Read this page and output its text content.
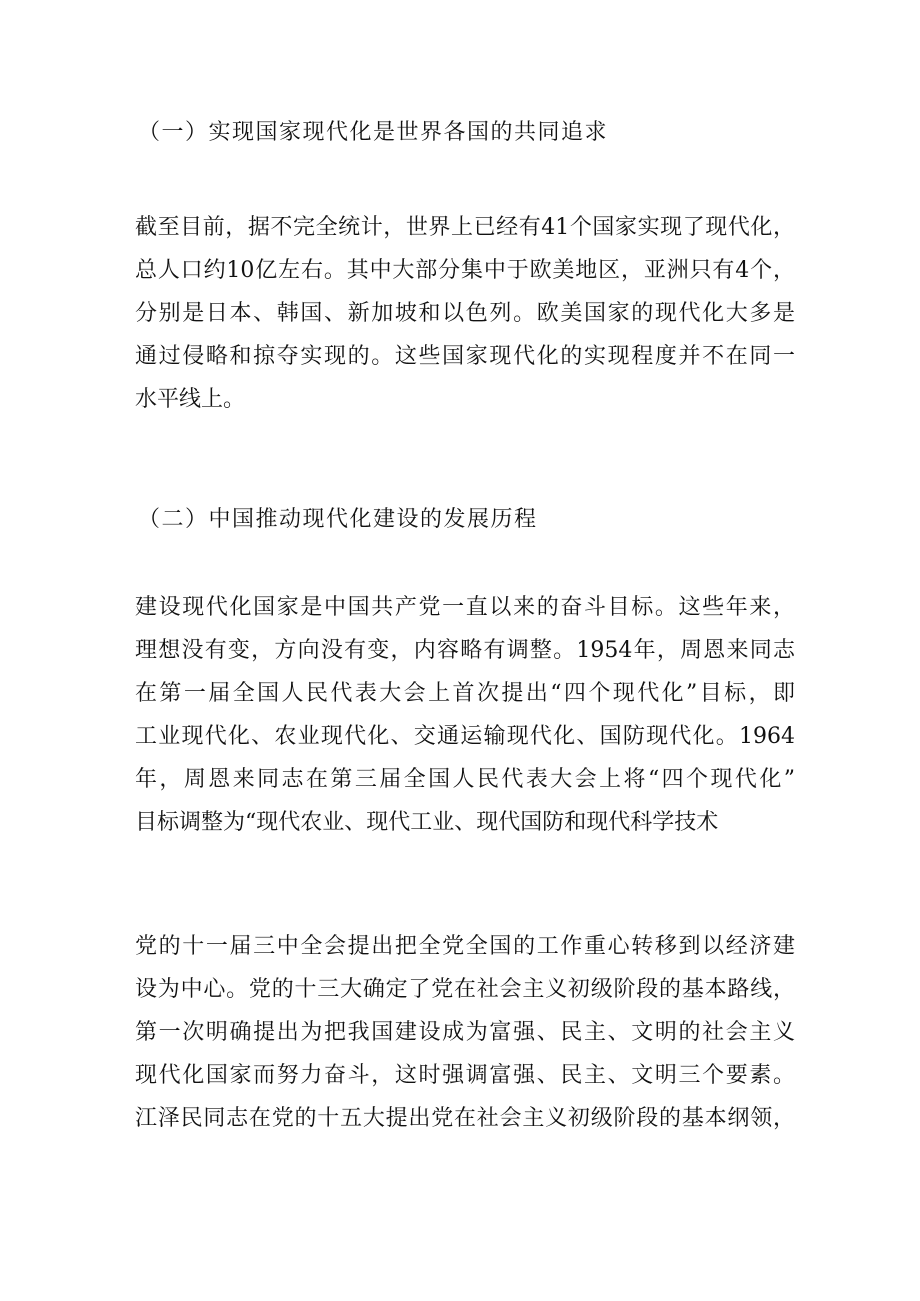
（一）实现国家现代化是世界各国的共同追求
截至目前，据不完全统计，世界上已经有41个国家实现了现代化，
总人口约10亿左右。其中大部分集中于欧美地区，亚洲只有4个，
分别是日本、韩国、新加坡和以色列。欧美国家的现代化大多是
通过侵略和掠夺实现的。这些国家现代化的实现程度并不在同一
水平线上。
（二）中国推动现代化建设的发展历程
建设现代化国家是中国共产党一直以来的奋斗目标。这些年来，
理想没有变，方向没有变，内容略有调整。1954年，周恩来同志
在第一届全国人民代表大会上首次提出“四个现代化”目标，即
工业现代化、农业现代化、交通运输现代化、国防现代化。1964
年，周恩来同志在第三届全国人民代表大会上将“四个现代化”
目标调整为“现代农业、现代工业、现代国防和现代科学技术
党的十一届三中全会提出把全党全国的工作重心转移到以经济建
设为中心。党的十三大确定了党在社会主义初级阶段的基本路线，
第一次明确提出为把我国建设成为富强、民主、文明的社会主义
现代化国家而努力奋斗，这时强调富强、民主、文明三个要素。
江泽民同志在党的十五大提出党在社会主义初级阶段的基本纲领，
